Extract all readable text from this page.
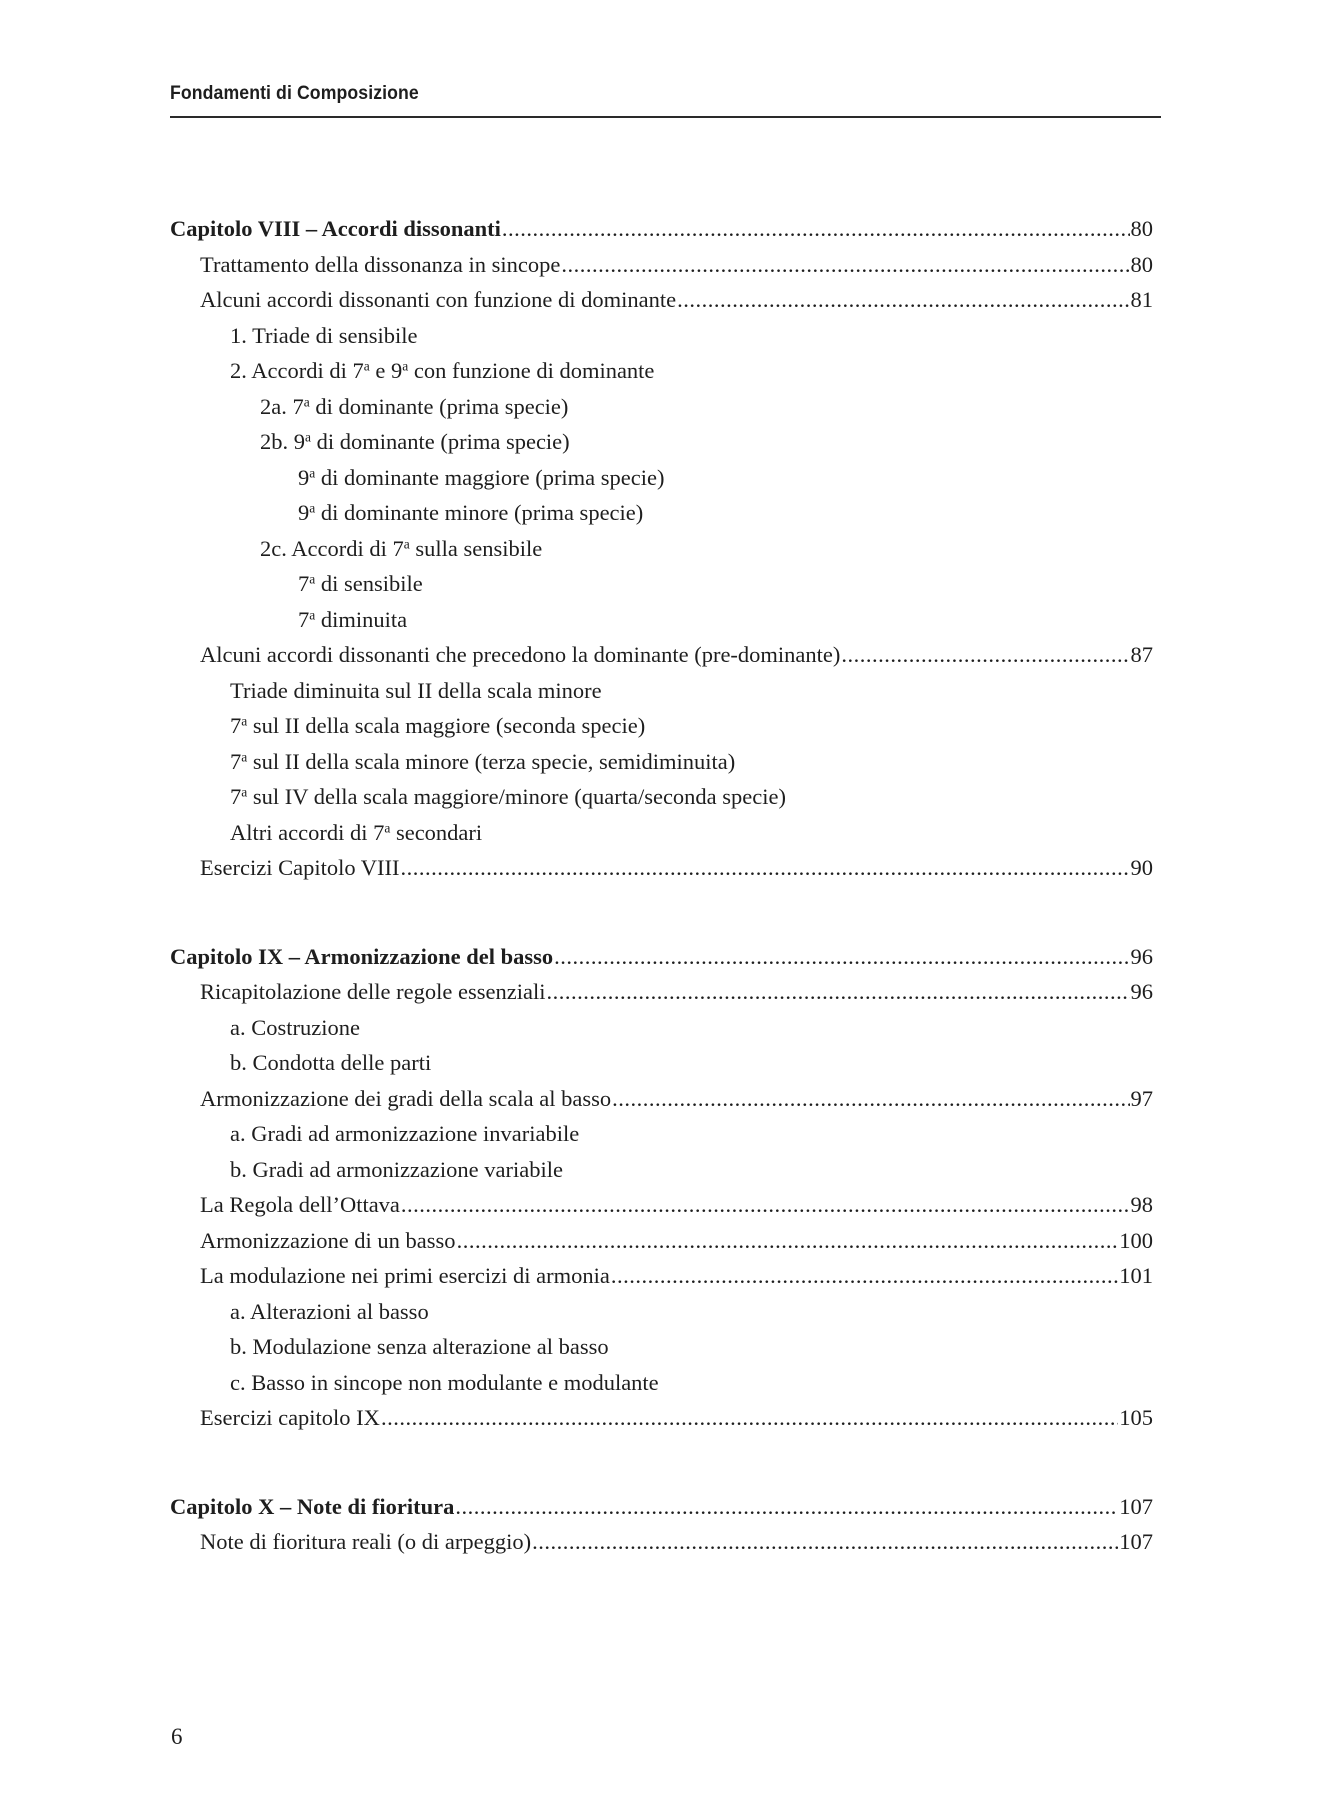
Fondamenti di Composizione
Capitolo VIII – Accordi dissonanti .....	80
Trattamento della dissonanza in sincope .....	80
Alcuni accordi dissonanti con funzione di dominante .....	81
1. Triade di sensibile
2. Accordi di 7$^a$ e 9$^a$ con funzione di dominante
2a. 7$^a$ di dominante (prima specie)
2b. 9$^a$ di dominante (prima specie)
9$^a$ di dominante maggiore (prima specie)
9$^a$ di dominante minore (prima specie)
2c. Accordi di 7$^a$ sulla sensibile
7$^a$ di sensibile
7$^a$ diminuita
Alcuni accordi dissonanti che precedono la dominante (pre-dominante) .....	87
Triade diminuita sul II della scala minore
7$^a$ sul II della scala maggiore (seconda specie)
7$^a$ sul II della scala minore (terza specie, semidiminuita)
7$^a$ sul IV della scala maggiore/minore (quarta/seconda specie)
Altri accordi di 7$^a$ secondari
Esercizi Capitolo VIII .....	90
Capitolo IX – Armonizzazione del basso .....	96
Ricapitolazione delle regole essenziali .....	96
a. Costruzione
b. Condotta delle parti
Armonizzazione dei gradi della scala al basso .....	97
a. Gradi ad armonizzazione invariabile
b. Gradi ad armonizzazione variabile
La Regola dell’Ottava .....	98
Armonizzazione di un basso .....	100
La modulazione nei primi esercizi di armonia .....	101
a. Alterazioni al basso
b. Modulazione senza alterazione al basso
c. Basso in sincope non modulante e modulante
Esercizi capitolo IX .....	105
Capitolo X – Note di fioritura .....	107
Note di fioritura reali (o di arpeggio) .....	107
6
